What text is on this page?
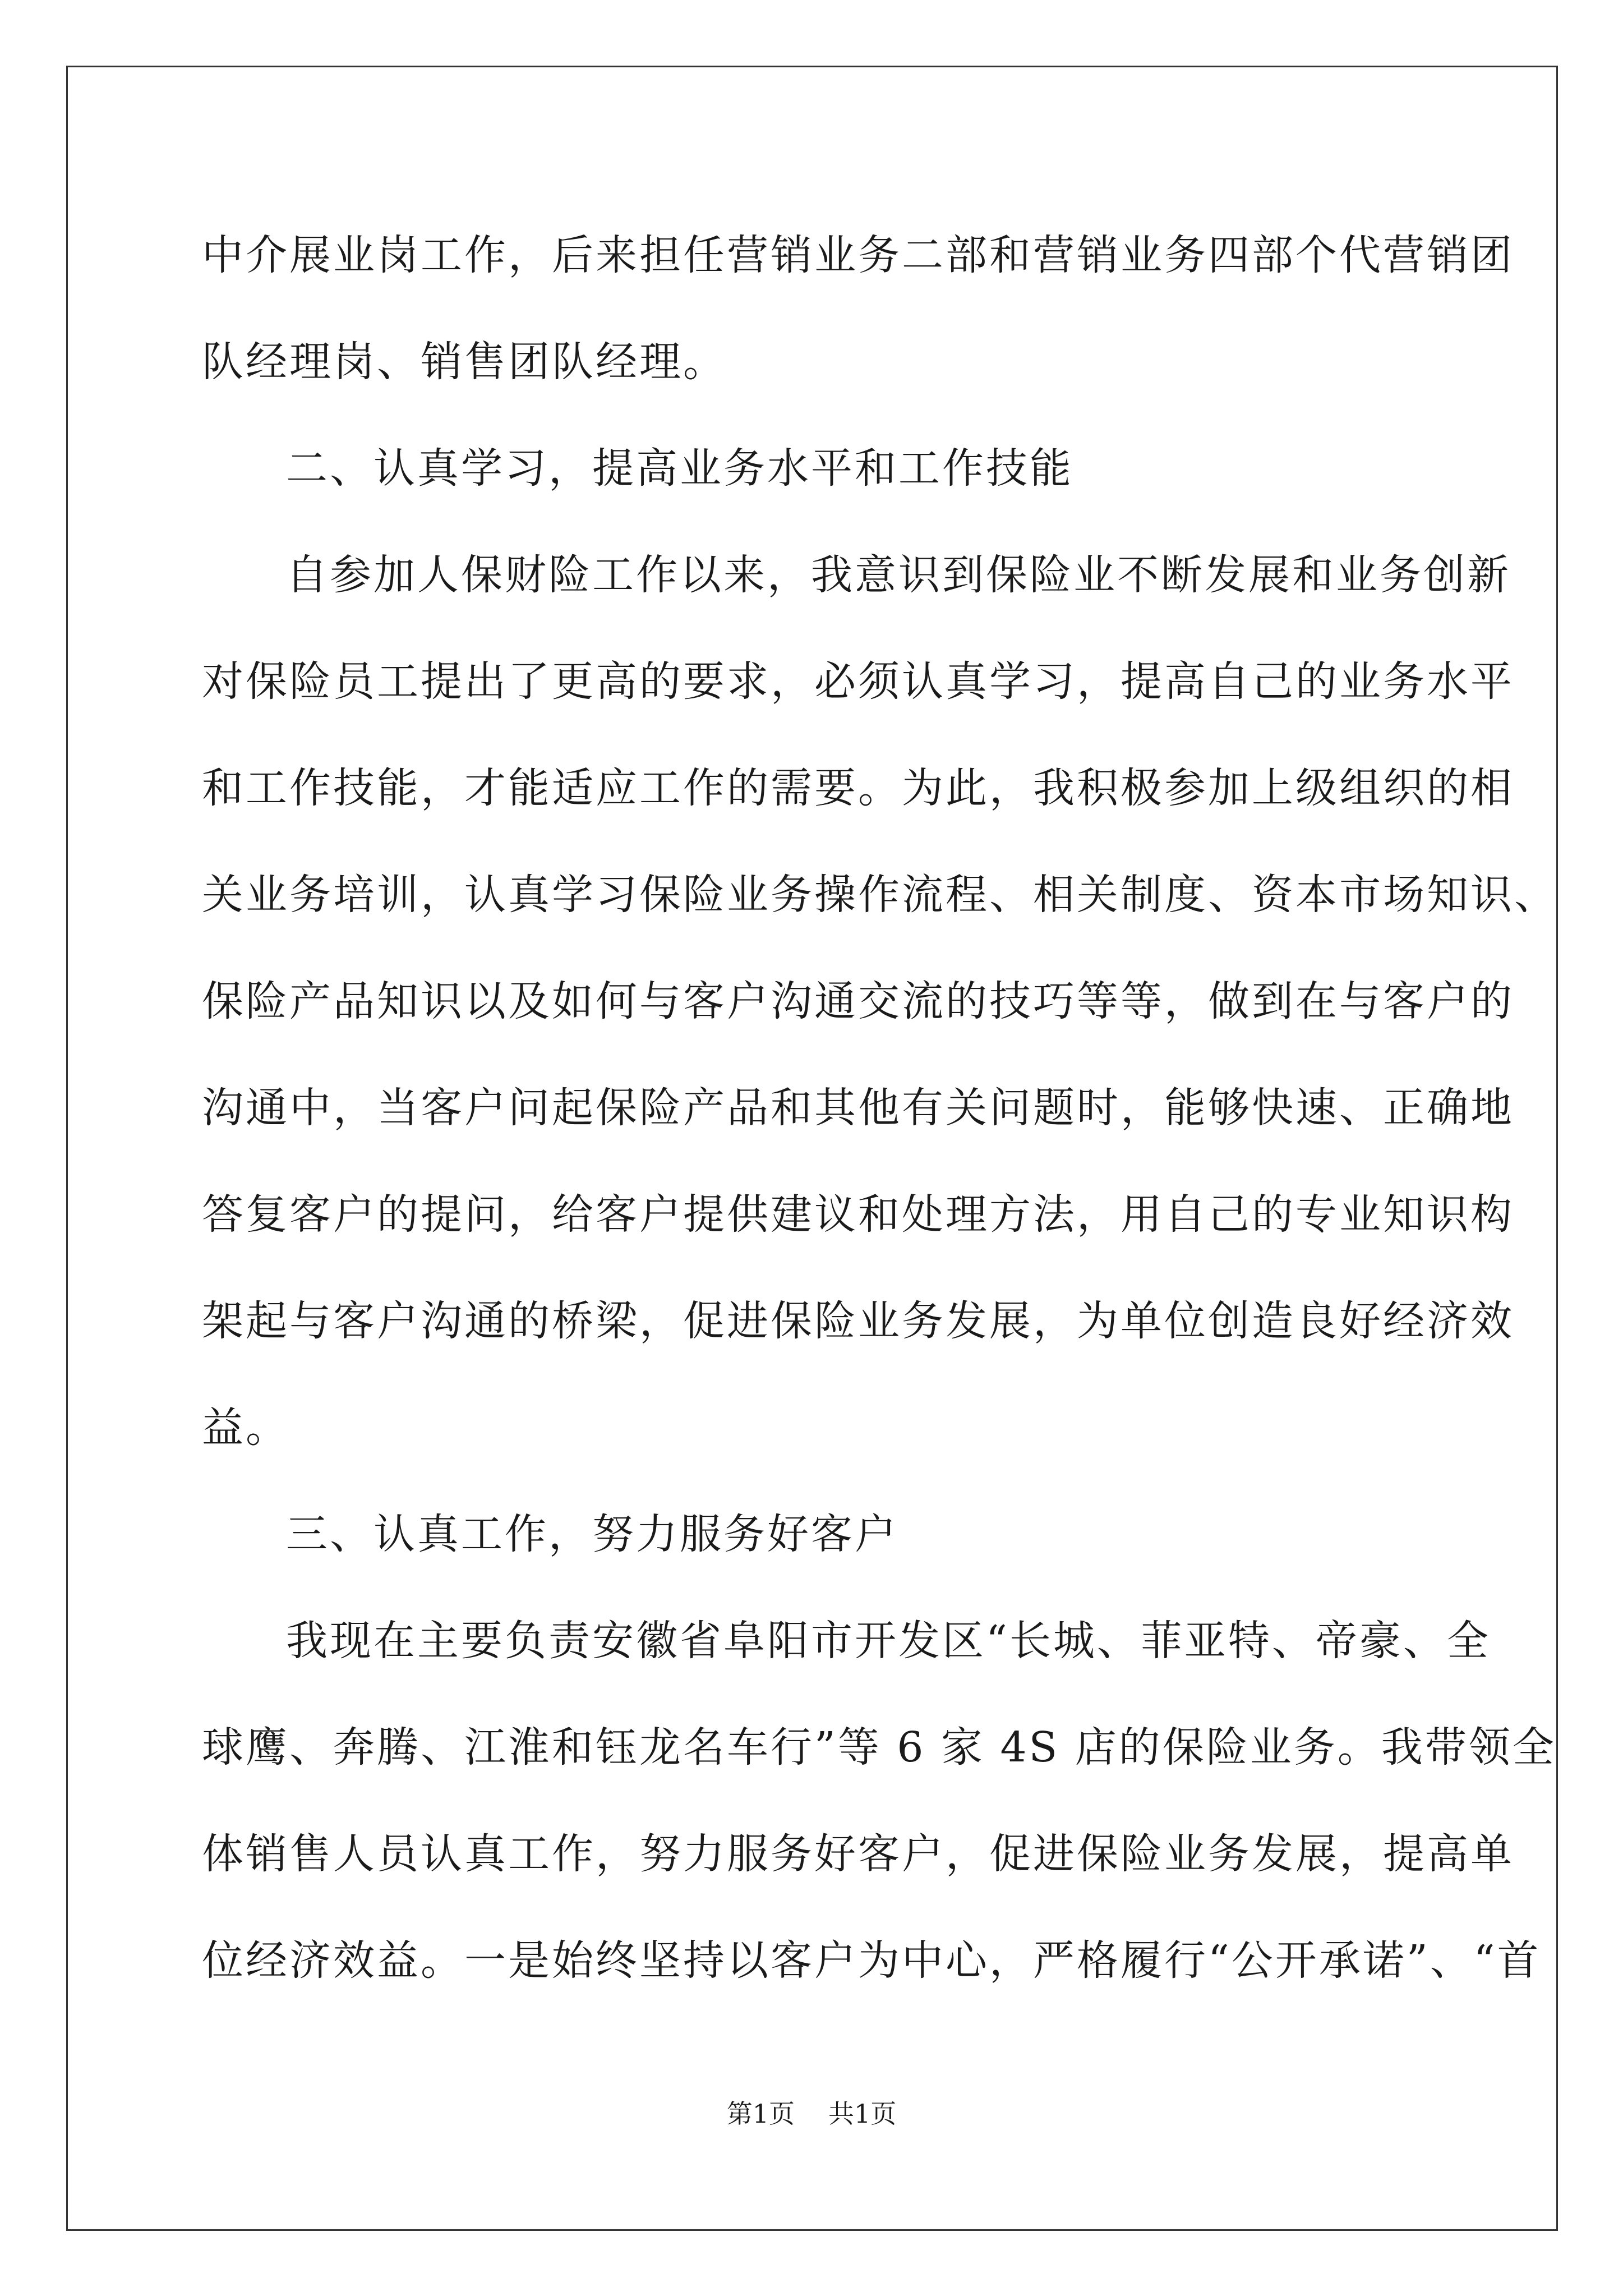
中介展业岗工作，后来担任营销业务二部和营销业务四部个代营销团
队经理岗、销售团队经理。
二、认真学习，提高业务水平和工作技能
自参加人保财险工作以来，我意识到保险业不断发展和业务创新
对保险员工提出了更高的要求，必须认真学习，提高自己的业务水平
和工作技能，才能适应工作的需要。为此，我积极参加上级组织的相
关业务培训，认真学习保险业务操作流程、相关制度、资本市场知识、
保险产品知识以及如何与客户沟通交流的技巧等等，做到在与客户的
沟通中，当客户问起保险产品和其他有关问题时，能够快速、正确地
答复客户的提问，给客户提供建议和处理方法，用自己的专业知识构
架起与客户沟通的桥梁，促进保险业务发展，为单位创造良好经济效
益。
三、认真工作，努力服务好客户
我现在主要负责安徽省阜阳市开发区“长城、菲亚特、帝豪、全
球鹰、奔腾、江淮和钰龙名车行”等 6 家 4S 店的保险业务。我带领全
体销售人员认真工作，努力服务好客户，促进保险业务发展，提高单
位经济效益。一是始终坚持以客户为中心，严格履行“公开承诺”、“首
第1页 共1页
